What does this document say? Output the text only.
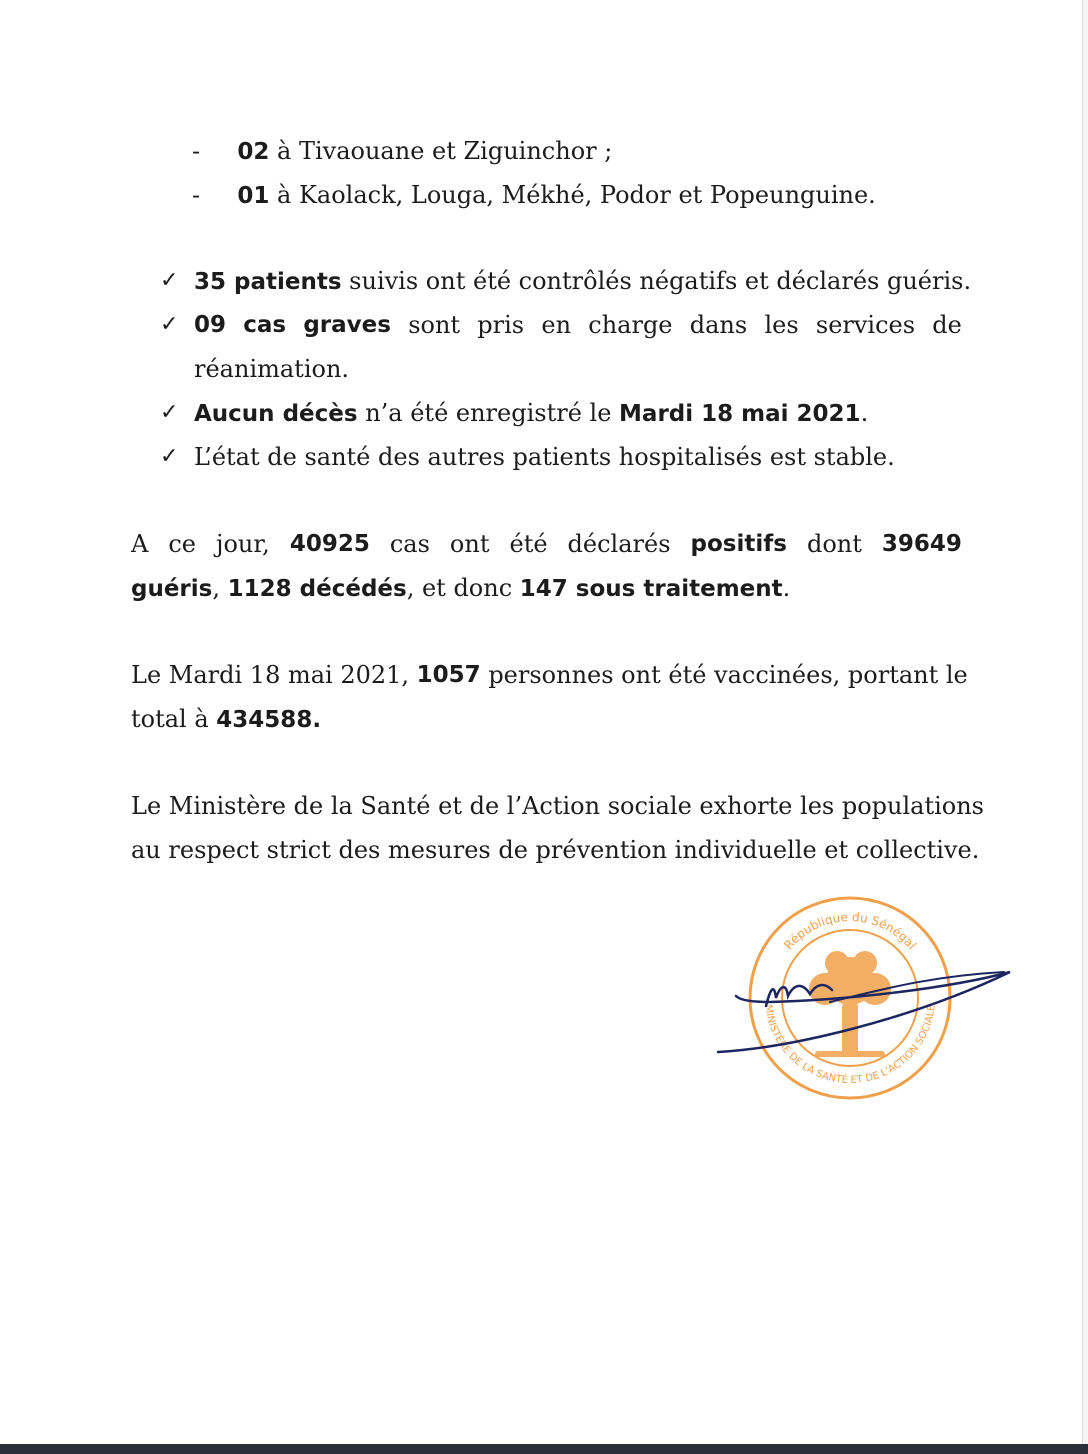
- 02 à Tivaouane et Ziguinchor ;
- 01 à Kaolack, Louga, Mékhé, Podor et Popeunguine.
✓ 35 patients suivis ont été contrôlés négatifs et déclarés guéris.
✓ 09 cas graves sont pris en charge dans les services de
réanimation.
✓ Aucun décès n’a été enregistré le Mardi 18 mai 2021.
✓ L’état de santé des autres patients hospitalisés est stable.
A ce jour, 40925 cas ont été déclarés positifs dont 39649
guéris, 1128 décédés, et donc 147 sous traitement.
Le Mardi 18 mai 2021, 1057 personnes ont été vaccinées, portant le
total à 434588.
Le Ministère de la Santé et de l’Action sociale exhorte les populations
au respect strict des mesures de prévention individuelle et collective.
République du Sénégal
MINISTÈRE DE LA SANTÉ ET DE L'ACTION SOCIALE
